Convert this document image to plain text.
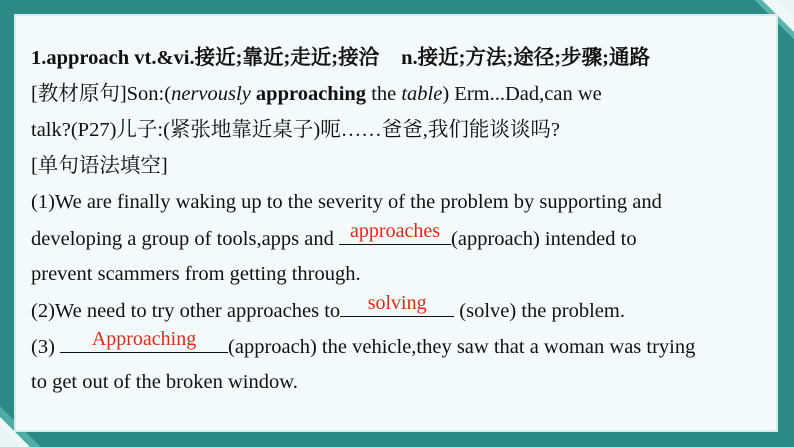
1.approach vt.&vi.接近;靠近;走近;接洽 n.接近;方法;途径;步骤;通路
[教材原句]Son:(nervously approaching the table) Erm...Dad,can we
talk?(P27)儿子:(紧张地靠近桌子)呃……爸爸,我们能谈谈吗?
[单句语法填空]
(1)We are finally waking up to the severity of the problem by supporting and
developing a group of tools,apps and approaches (approach) intended to
prevent scammers from getting through.
(2)We need to try other approaches to	solving	(solve) the problem.
(3)	Approaching	(approach) the vehicle,they saw that a woman was trying
to get out of the broken window.
